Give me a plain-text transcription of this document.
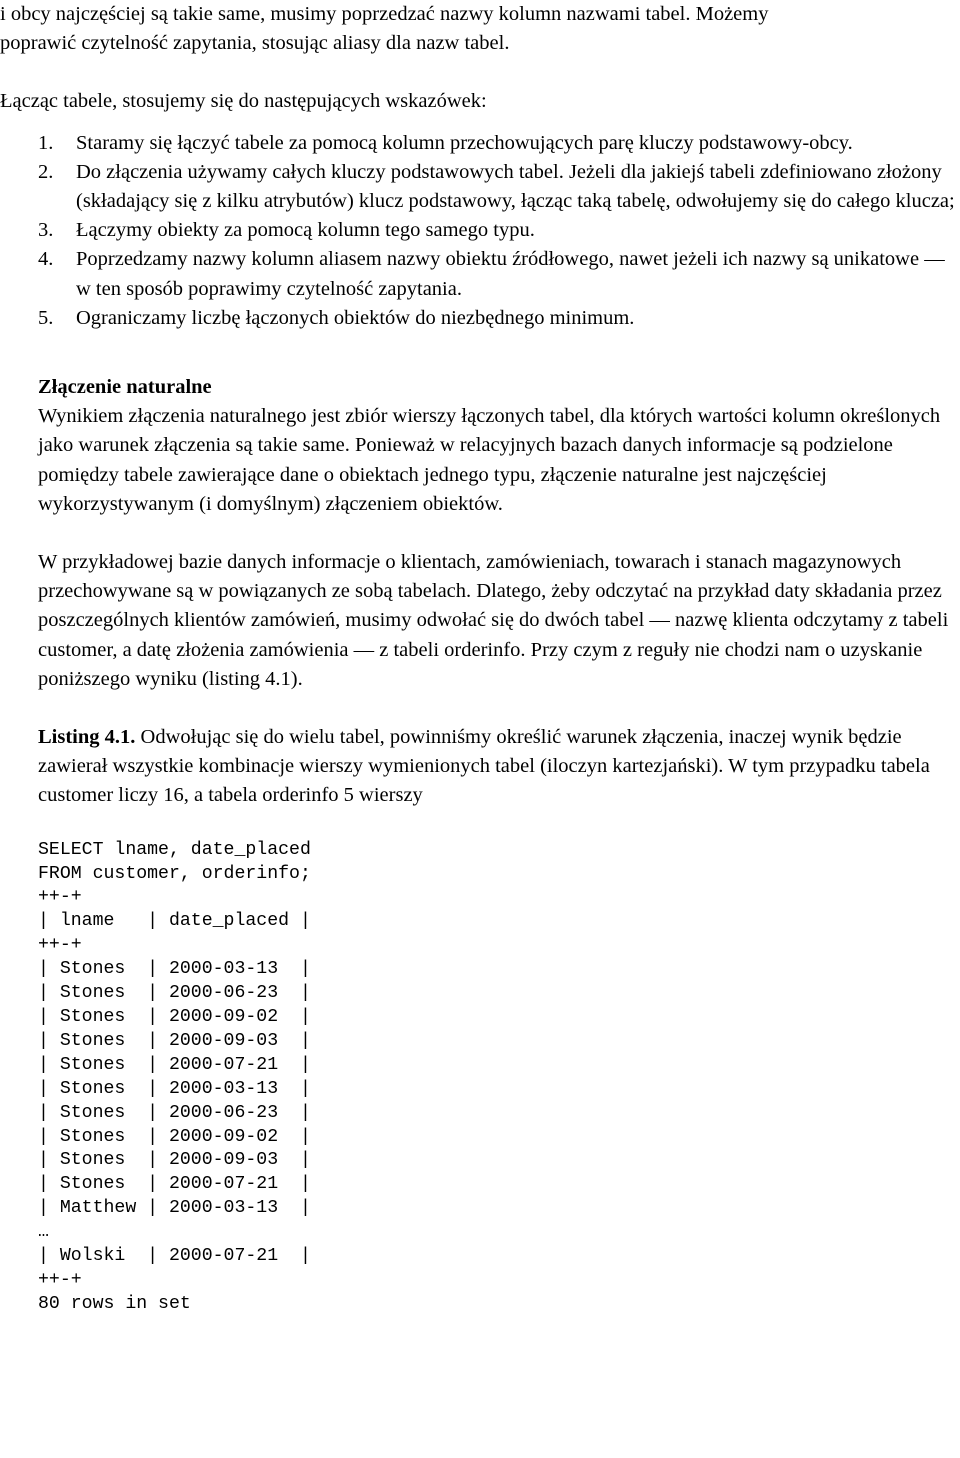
i obcy najczęściej są takie same, musimy poprzedzać nazwy kolumn nazwami tabel. Możemy
poprawić czytelność zapytania, stosując aliasy dla nazw tabel.

Łącząc tabele, stosujemy się do następujących wskazówek:

1. Staramy się łączyć tabele za pomocą kolumn przechowujących parę kluczy podstawowy-obcy.
2. Do złączenia używamy całych kluczy podstawowych tabel. Jeżeli dla jakiejś tabeli zdefiniowano złożony (składający się z kilku atrybutów) klucz podstawowy, łącząc taką tabelę, odwołujemy się do całego klucza;
3. Łączymy obiekty za pomocą kolumn tego samego typu.
4. Poprzedzamy nazwy kolumn aliasem nazwy obiektu źródłowego, nawet jeżeli ich nazwy są unikatowe — w ten sposób poprawimy czytelność zapytania.
5. Ograniczamy liczbę łączonych obiektów do niezbędnego minimum.
Złączenie naturalne

Wynikiem złączenia naturalnego jest zbiór wierszy łączonych tabel, dla których wartości kolumn określonych jako warunek złączenia są takie same. Ponieważ w relacyjnych bazach danych informacje są podzielone pomiędzy tabele zawierające dane o obiektach jednego typu, złączenie naturalne jest najczęściej wykorzystywanym (i domyślnym) złączeniem obiektów.

W przykładowej bazie danych informacje o klientach, zamówieniach, towarach i stanach magazynowych przechowywane są w powiązanych ze sobą tabelach. Dlatego, żeby odczytać na przykład daty składania przez poszczególnych klientów zamówień, musimy odwołać się do dwóch tabel — nazwę klienta odczytamy z tabeli customer, a datę złożenia zamówienia — z tabeli orderinfo. Przy czym z reguły nie chodzi nam o uzyskanie poniższego wyniku (listing 4.1).

Listing 4.1. Odwołując się do wielu tabel, powinniśmy określić warunek złączenia, inaczej wynik będzie zawierał wszystkie kombinacje wierszy wymienionych tabel (iloczyn kartezjański). W tym przypadku tabela customer liczy 16, a tabela orderinfo 5 wierszy

SELECT lname, date_placed
FROM customer, orderinfo;
++-+
| lname   | date_placed |
++-+
| Stones  | 2000-03-13  |
| Stones  | 2000-06-23  |
| Stones  | 2000-09-02  |
| Stones  | 2000-09-03  |
| Stones  | 2000-07-21  |
| Stones  | 2000-03-13  |
| Stones  | 2000-06-23  |
| Stones  | 2000-09-02  |
| Stones  | 2000-09-03  |
| Stones  | 2000-07-21  |
| Matthew | 2000-03-13  |
…
| Wolski  | 2000-07-21  |
++-+
80 rows in set
